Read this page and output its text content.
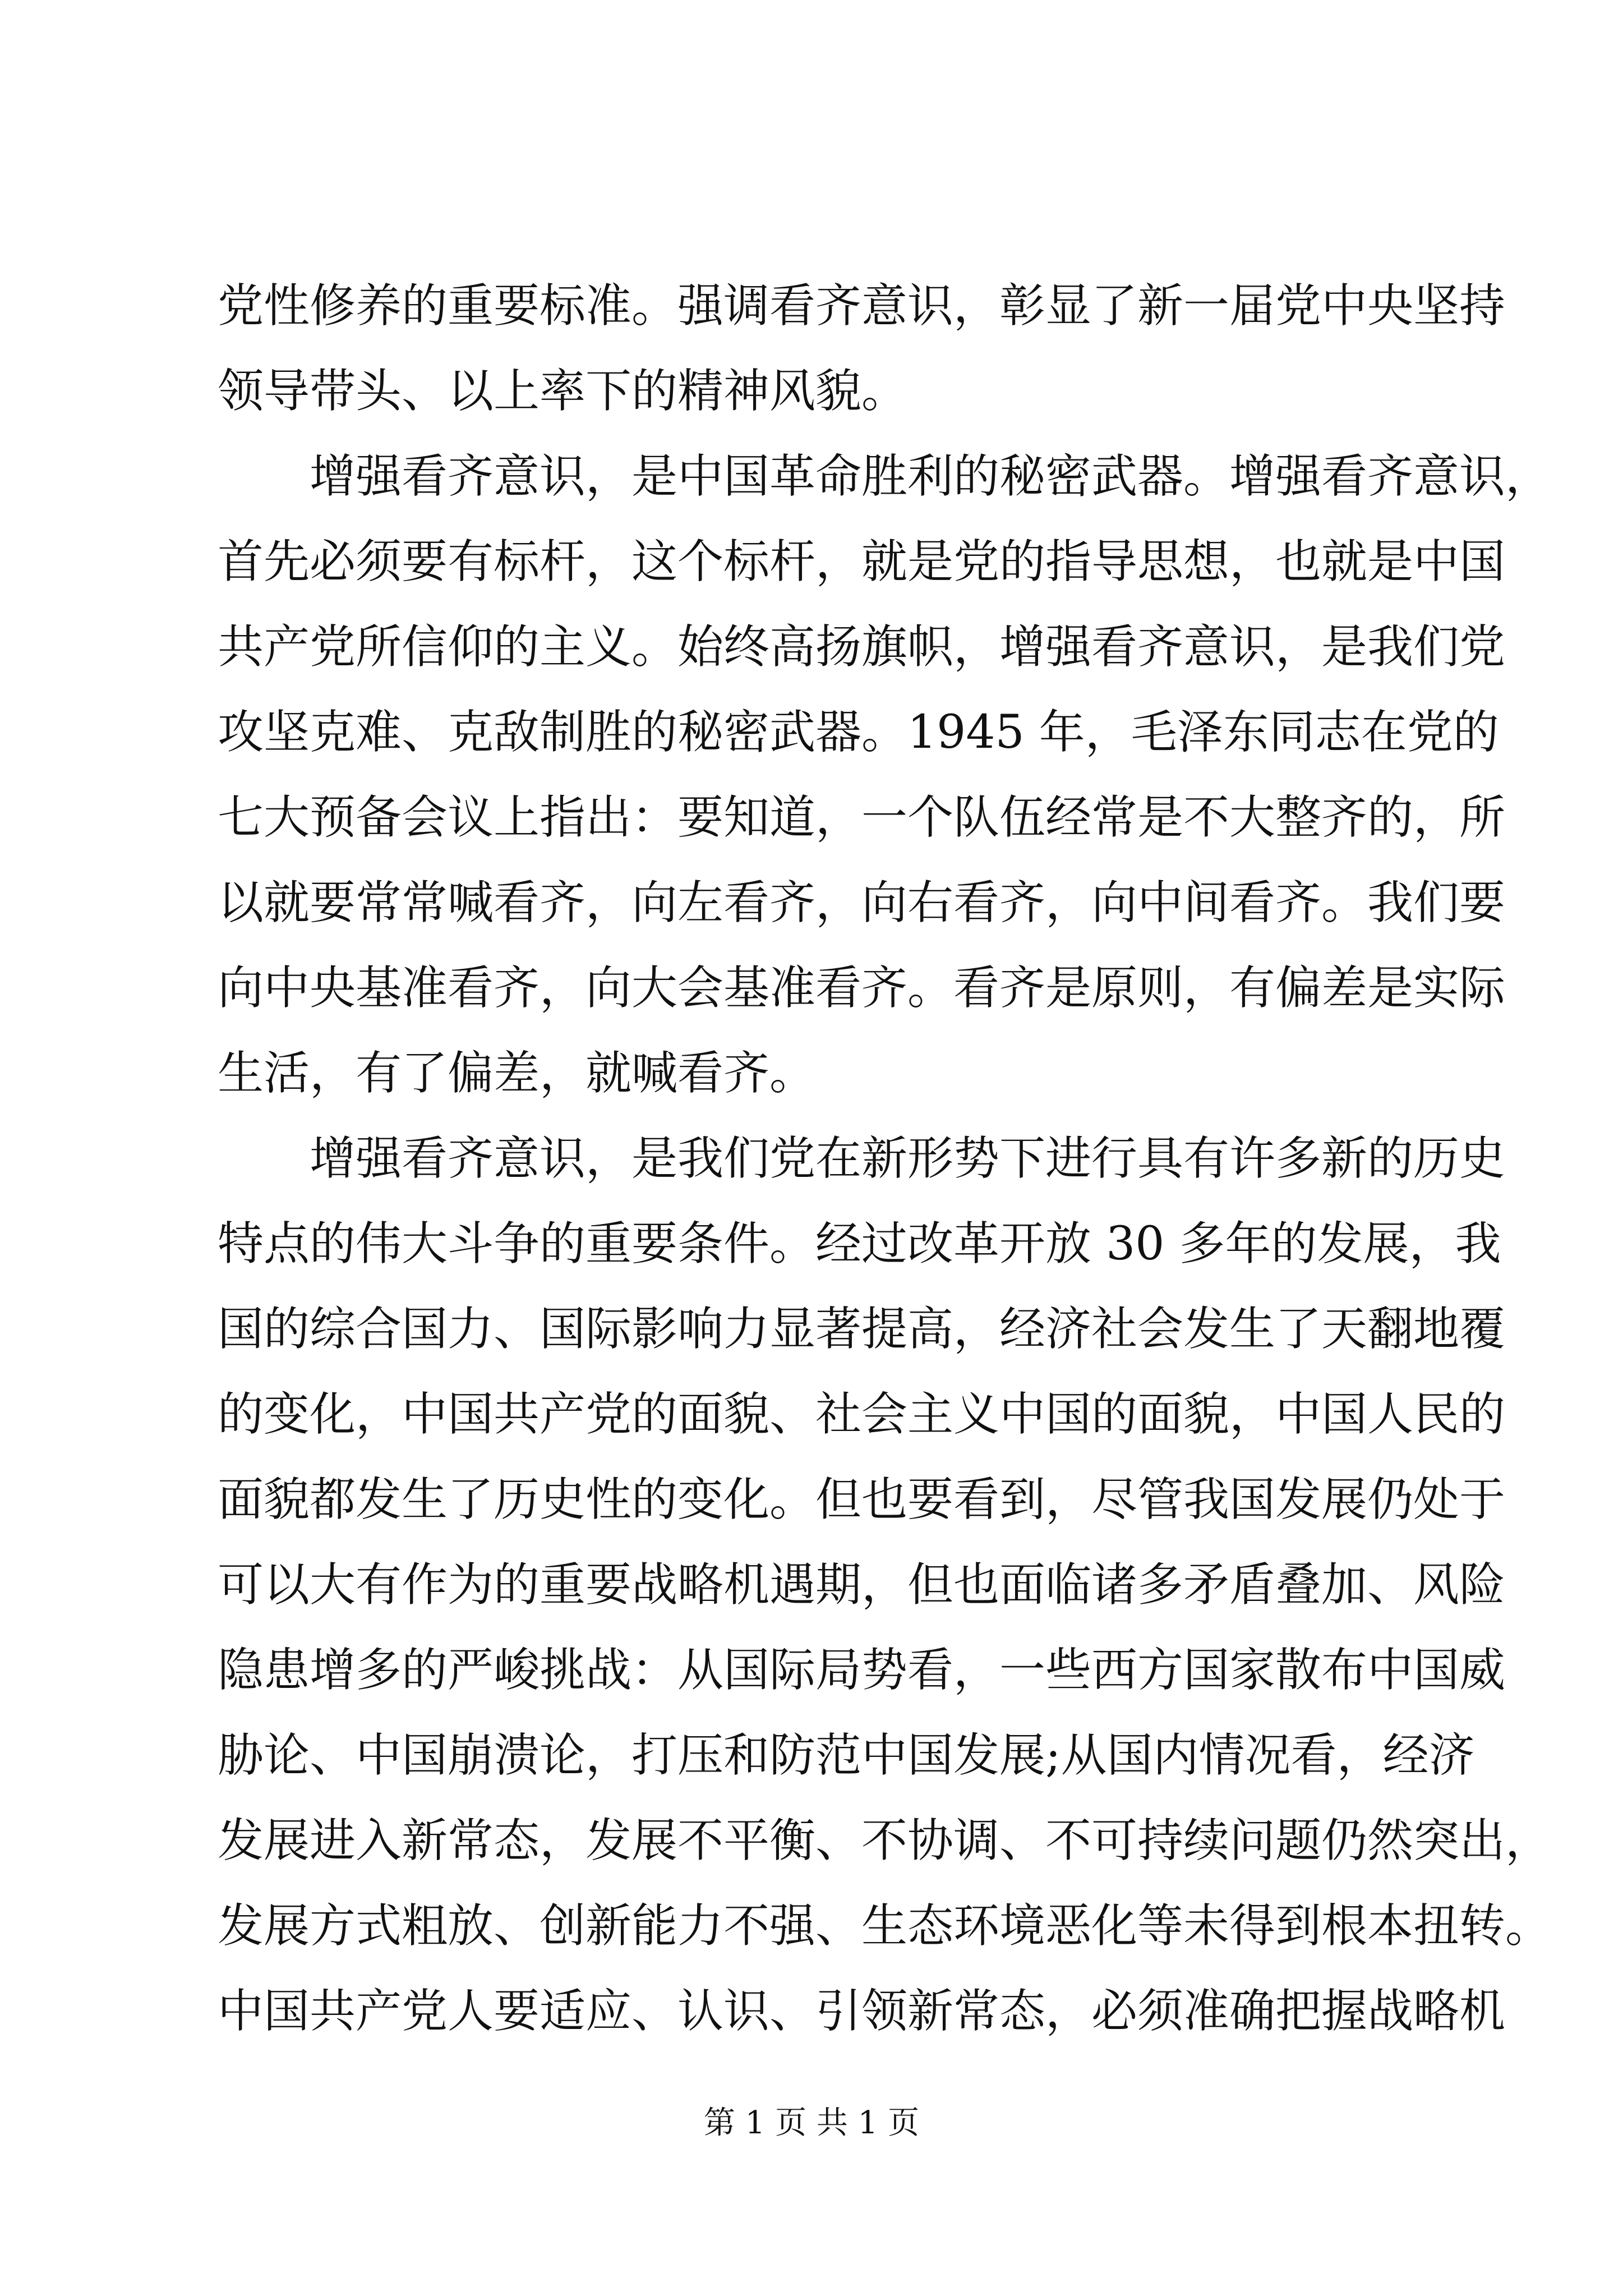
党性修养的重要标准。强调看齐意识，彰显了新一届党中央坚持
领导带头、以上率下的精神风貌。
增强看齐意识，是中国革命胜利的秘密武器。增强看齐意识，
首先必须要有标杆，这个标杆，就是党的指导思想，也就是中国
共产党所信仰的主义。始终高扬旗帜，增强看齐意识，是我们党
攻坚克难、克敌制胜的秘密武器。1945 年，毛泽东同志在党的
七大预备会议上指出：要知道，一个队伍经常是不大整齐的，所
以就要常常喊看齐，向左看齐，向右看齐，向中间看齐。我们要
向中央基准看齐，向大会基准看齐。看齐是原则，有偏差是实际
生活，有了偏差，就喊看齐。
增强看齐意识，是我们党在新形势下进行具有许多新的历史
特点的伟大斗争的重要条件。经过改革开放 30 多年的发展，我
国的综合国力、国际影响力显著提高，经济社会发生了天翻地覆
的变化，中国共产党的面貌、社会主义中国的面貌，中国人民的
面貌都发生了历史性的变化。但也要看到，尽管我国发展仍处于
可以大有作为的重要战略机遇期，但也面临诸多矛盾叠加、风险
隐患增多的严峻挑战：从国际局势看，一些西方国家散布中国威
胁论、中国崩溃论，打压和防范中国发展;从国内情况看，经济
发展进入新常态，发展不平衡、不协调、不可持续问题仍然突出，
发展方式粗放、创新能力不强、生态环境恶化等未得到根本扭转。
中国共产党人要适应、认识、引领新常态，必须准确把握战略机
第 1 页 共 1 页
